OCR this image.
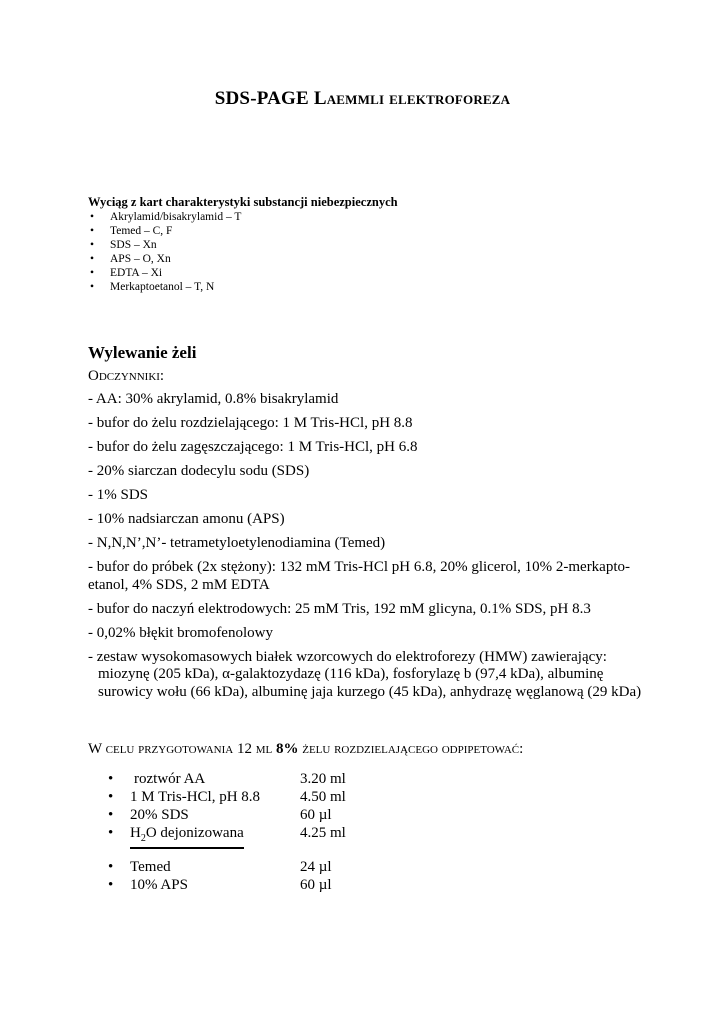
SDS-PAGE Laemmli elektroforeza
Wyciąg z kart charakterystyki substancji niebezpiecznych
• Akrylamid/bisakrylamid – T
• Temed – C, F
• SDS – Xn
• APS – O, Xn
• EDTA – Xi
• Merkaptoetanol – T, N
Wylewanie żeli
Odczynniki:
- AA: 30% akrylamid, 0.8% bisakrylamid
- bufor do żelu rozdzielającego: 1 M Tris-HCl, pH 8.8
- bufor do żelu zagęszczającego: 1 M Tris-HCl, pH 6.8
- 20% siarczan dodecylu sodu (SDS)
- 1% SDS
- 10% nadsiarczan amonu (APS)
- N,N,N’,N’- tetrametyloetylenodiamina (Temed)
- bufor do próbek (2x stężony): 132 mM Tris-HCl pH 6.8, 20% glicerol, 10% 2-merkapto-etanol, 4% SDS, 2 mM EDTA
- bufor do naczyń elektrodowych: 25 mM Tris, 192 mM glicyna, 0.1% SDS, pH 8.3
- 0,02% błękit bromofenolowy
- zestaw wysokomasowych białek wzorcowych do elektroforezy (HMW) zawierający: miozynę (205 kDa), α-galaktozydazę (116 kDa), fosforylazę b (97,4 kDa), albuminę surowicy wołu (66 kDa), albuminę jaja kurzego (45 kDa), anhydrazę węglanową (29 kDa)
W celu przygotowania 12 ml 8% żelu rozdzielającego odpipetować:
• roztwór AA	3.20 ml
• 1 M Tris-HCl, pH 8.8	4.50 ml
• 20% SDS	60 µl
• $H_2O$ dejonizowana	4.25 ml
• Temed	24 µl
• 10% APS	60 µl
